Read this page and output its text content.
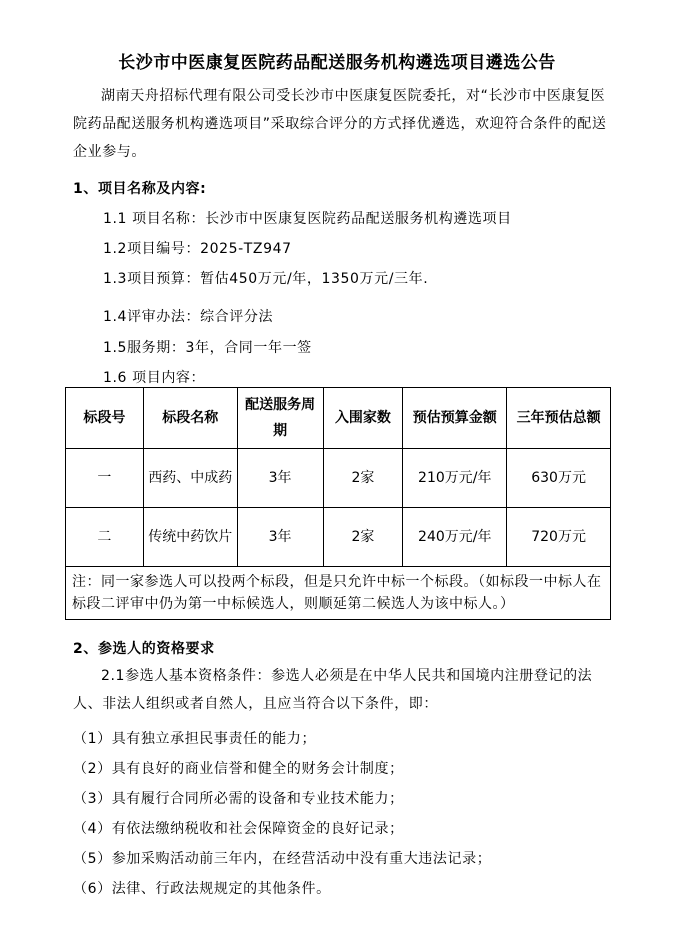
长沙市中医康复医院药品配送服务机构遴选项目遴选公告
湖南天舟招标代理有限公司受长沙市中医康复医院委托，对“长沙市中医康复医院药品配送服务机构遴选项目”采取综合评分的方式择优遴选，欢迎符合条件的配送企业参与。
1、项目名称及内容:
1.1 项目名称：长沙市中医康复医院药品配送服务机构遴选项目
1.2项目编号：2025-TZ947
1.3项目预算：暂估450万元/年，1350万元/三年.
1.4评审办法：综合评分法
1.5服务期：3年，合同一年一签
1.6 项目内容：
标段号	标段名称	配送服务周期	入围家数	预估预算金额	三年预估总额
一	西药、中成药	3年	2家	210万元/年	630万元
二	传统中药饮片	3年	2家	240万元/年	720万元
注：同一家参选人可以投两个标段，但是只允许中标一个标段。（如标段一中标人在标段二评审中仍为第一中标候选人，则顺延第二候选人为该中标人。）					
2、参选人的资格要求
2.1参选人基本资格条件：参选人必须是在中华人民共和国境内注册登记的法人、非法人组织或者自然人，且应当符合以下条件，即：
（1）具有独立承担民事责任的能力；
（2）具有良好的商业信誉和健全的财务会计制度；
（3）具有履行合同所必需的设备和专业技术能力；
（4）有依法缴纳税收和社会保障资金的良好记录；
（5）参加采购活动前三年内，在经营活动中没有重大违法记录；
（6）法律、行政法规规定的其他条件。
